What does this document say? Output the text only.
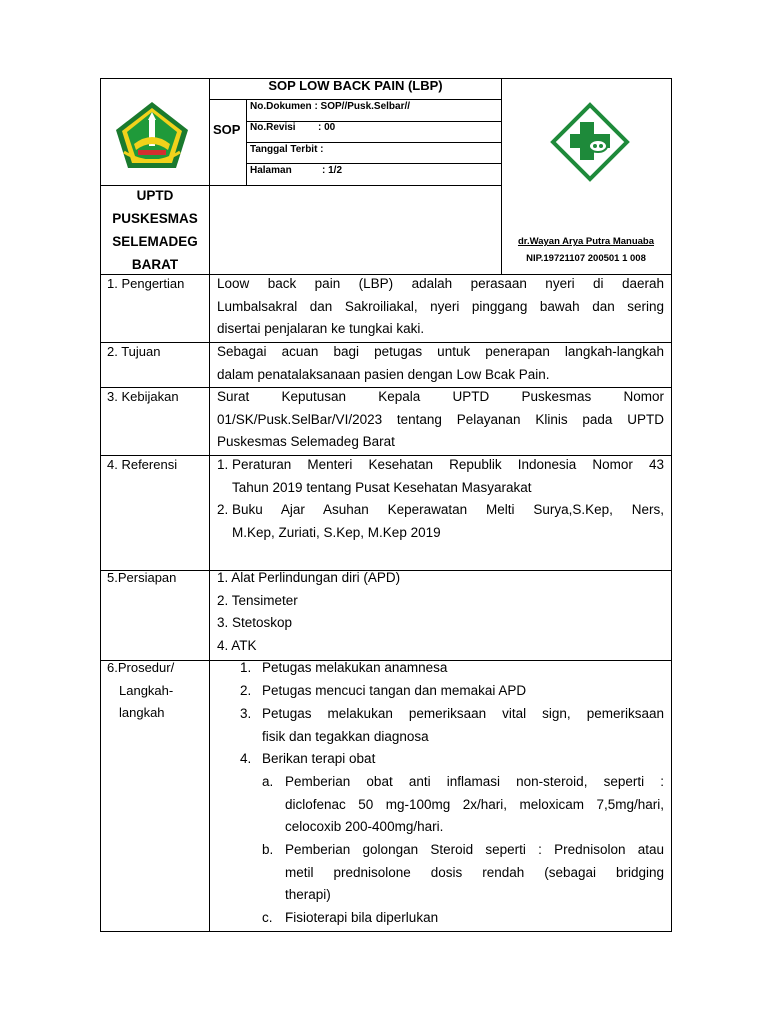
SOP LOW BACK PAIN (LBP)
SOP
No.Dokumen : SOP//Pusk.Selbar//
No.Revisi : 00
Tanggal Terbit :
Halaman	: 1/2
UPTD
PUSKESMAS
SELEMADEG
BARAT
dr.Wayan Arya Putra Manuaba
NIP.19721107 200501 1 008
1. Pengertian Loow back pain (LBP) adalah perasaan nyeri di daerah
Lumbalsakral dan Sakroiliakal, nyeri pinggang bawah dan sering
disertai penjalaran ke tungkai kaki.
2. Tujuan	Sebagai acuan bagi petugas untuk penerapan langkah-langkah
dalam penatalaksanaan pasien dengan Low Bcak Pain.
3. Kebijakan	Surat Keputusan Kepala UPTD Puskesmas Nomor
01/SK/Pusk.SelBar/VI/2023 tentang Pelayanan Klinis pada UPTD
Puskesmas Selemadeg Barat
4. Referensi	1. Peraturan Menteri Kesehatan Republik Indonesia Nomor 43
Tahun 2019 tentang Pusat Kesehatan Masyarakat
2. Buku Ajar Asuhan Keperawatan Melti Surya,S.Kep, Ners,
M.Kep, Zuriati, S.Kep, M.Kep 2019
5.Persiapan	1. Alat Perlindungan diri (APD)
2. Tensimeter
3. Stetoskop
4. ATK
6.Prosedur/
Langkah-
langkah
1. Petugas melakukan anamnesa
2. Petugas mencuci tangan dan memakai APD
3. Petugas melakukan pemeriksaan vital sign, pemeriksaan
fisik dan tegakkan diagnosa
4. Berikan terapi obat
a. Pemberian obat anti inflamasi non-steroid, seperti :
diclofenac 50 mg-100mg 2x/hari, meloxicam 7,5mg/hari,
celocoxib 200-400mg/hari.
b. Pemberian golongan Steroid seperti : Prednisolon atau
metil prednisolone dosis rendah (sebagai bridging
therapi)
c. Fisioterapi bila diperlukan
